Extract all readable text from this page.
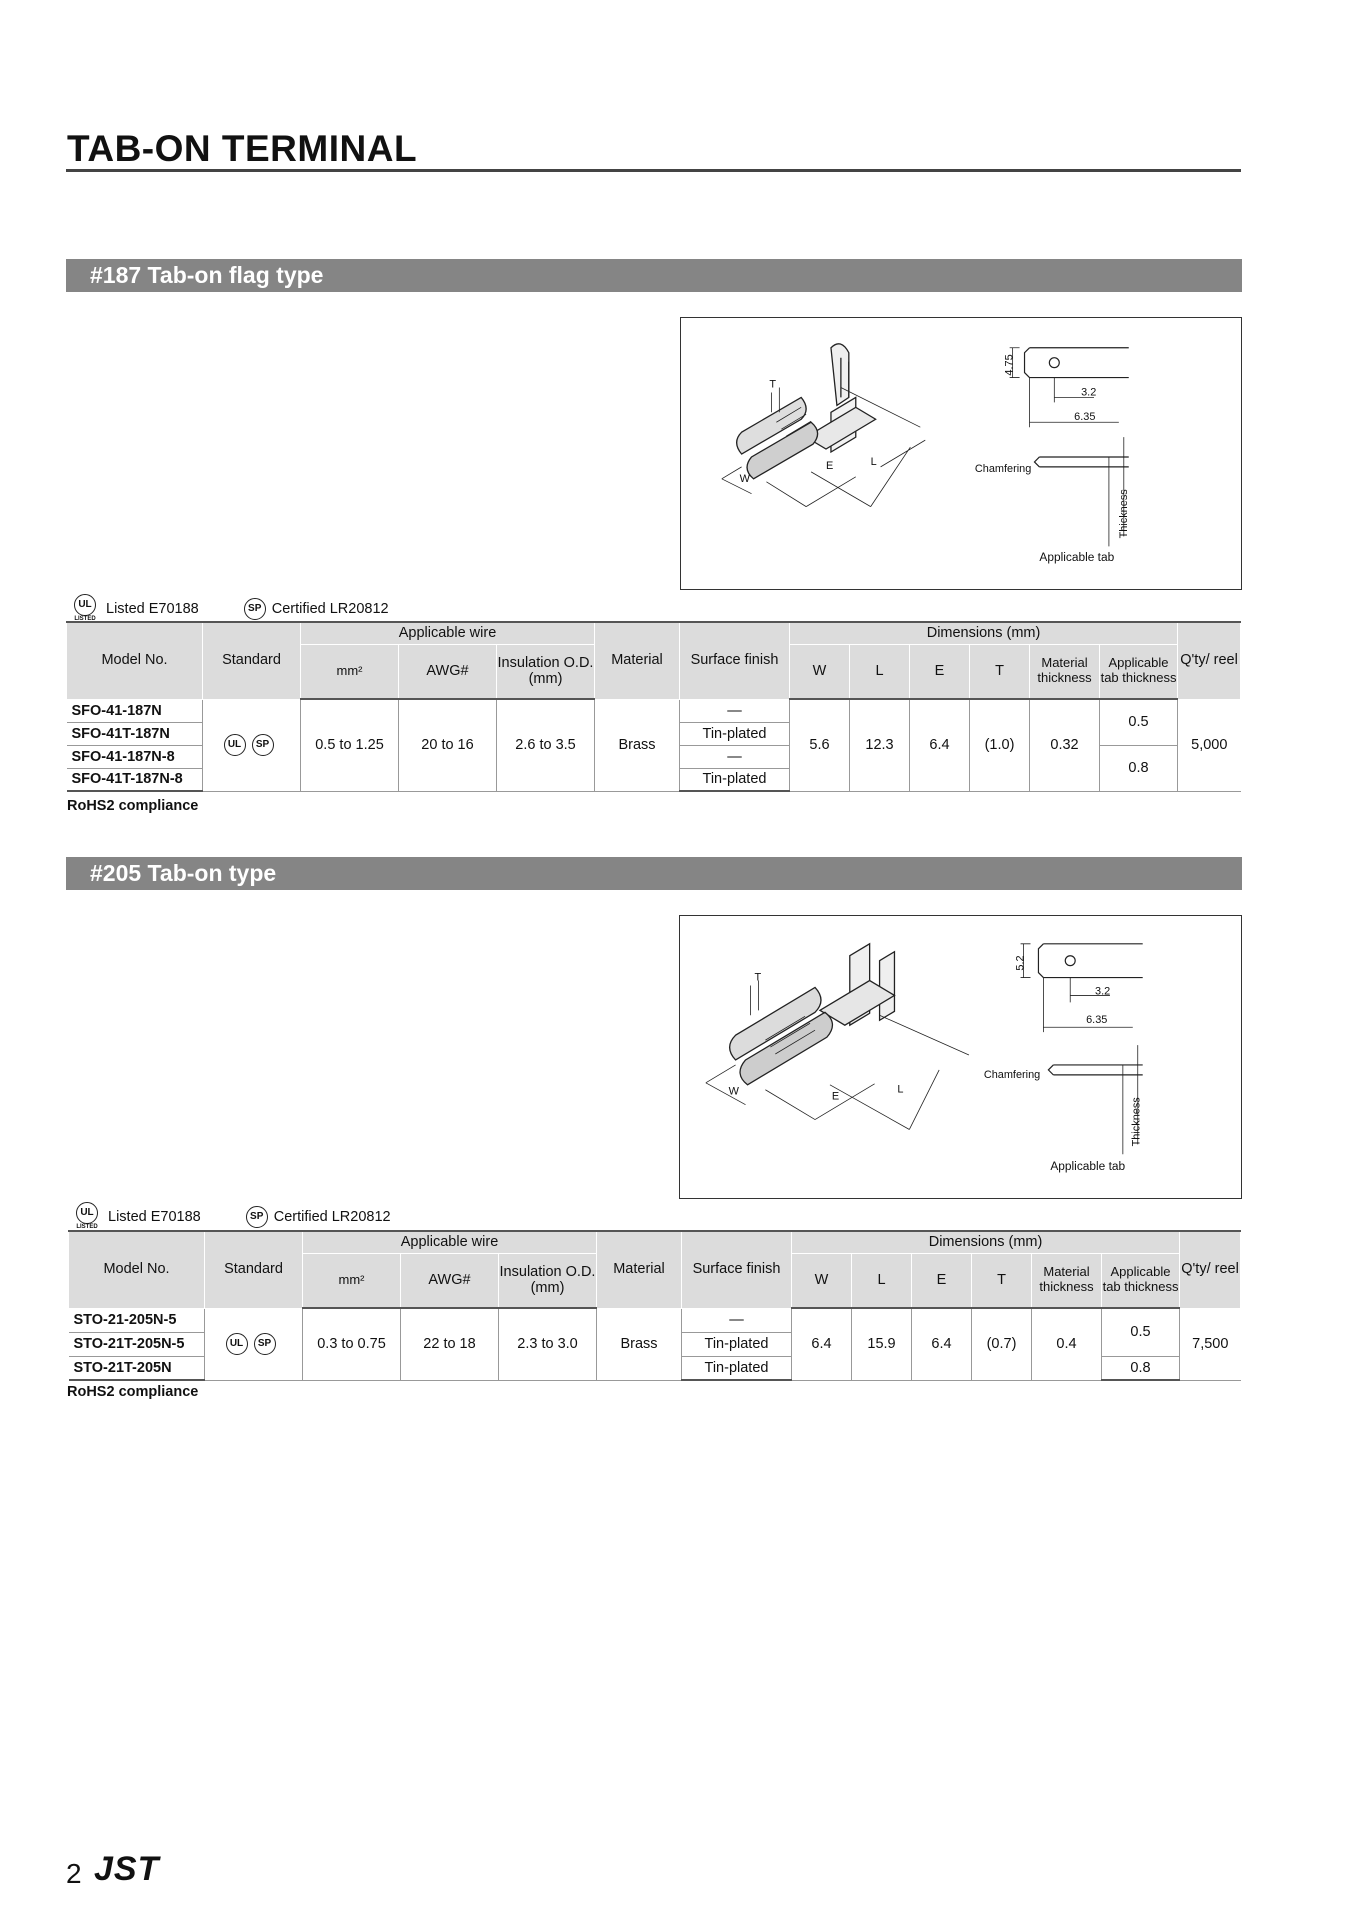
TAB-ON TERMINAL
#187 Tab-on flag type
T
W
E	L
4.75
3.2
6.35
Chamfering
Thickness
Applicable tab
UL
LISTED
Listed E70188	SP Certified LR20812
Model No.	Standard	Applicable wire			Material	Surface finish	Dimensions (mm)						Q'ty/ reel
		mm²	AWG#	Insulation O.D. (mm)			W	L	E	T	Material thickness	Applicable tab thickness	
SFO-41-187N	UL SP	0.5 to 1.25	20 to 16	2.6 to 3.5	Brass	—	5.6	12.3	6.4	(1.0)	0.32	0.5	5,000
SFO-41T-187N						Tin-plated							
SFO-41-187N-8						—						0.8	
SFO-41T-187N-8						Tin-plated							
RoHS2 compliance
#205 Tab-on type
T
W	E
L
5.2
3.2
6.35
Chamfering
Thickness
Applicable tab
UL
LISTED
Listed E70188	SP Certified LR20812
Model No.	Standard	Applicable wire			Material	Surface finish	Dimensions (mm)						Q'ty/ reel
		mm²	AWG#	Insulation O.D. (mm)			W	L	E	T	Material thickness	Applicable tab thickness	
STO-21-205N-5	UL SP	0.3 to 0.75	22 to 18	2.3 to 3.0	Brass	—	6.4	15.9	6.4	(0.7)	0.4	0.5	7,500
STO-21T-205N-5						Tin-plated							
STO-21T-205N						Tin-plated						0.8	
RoHS2 compliance
2 JST
